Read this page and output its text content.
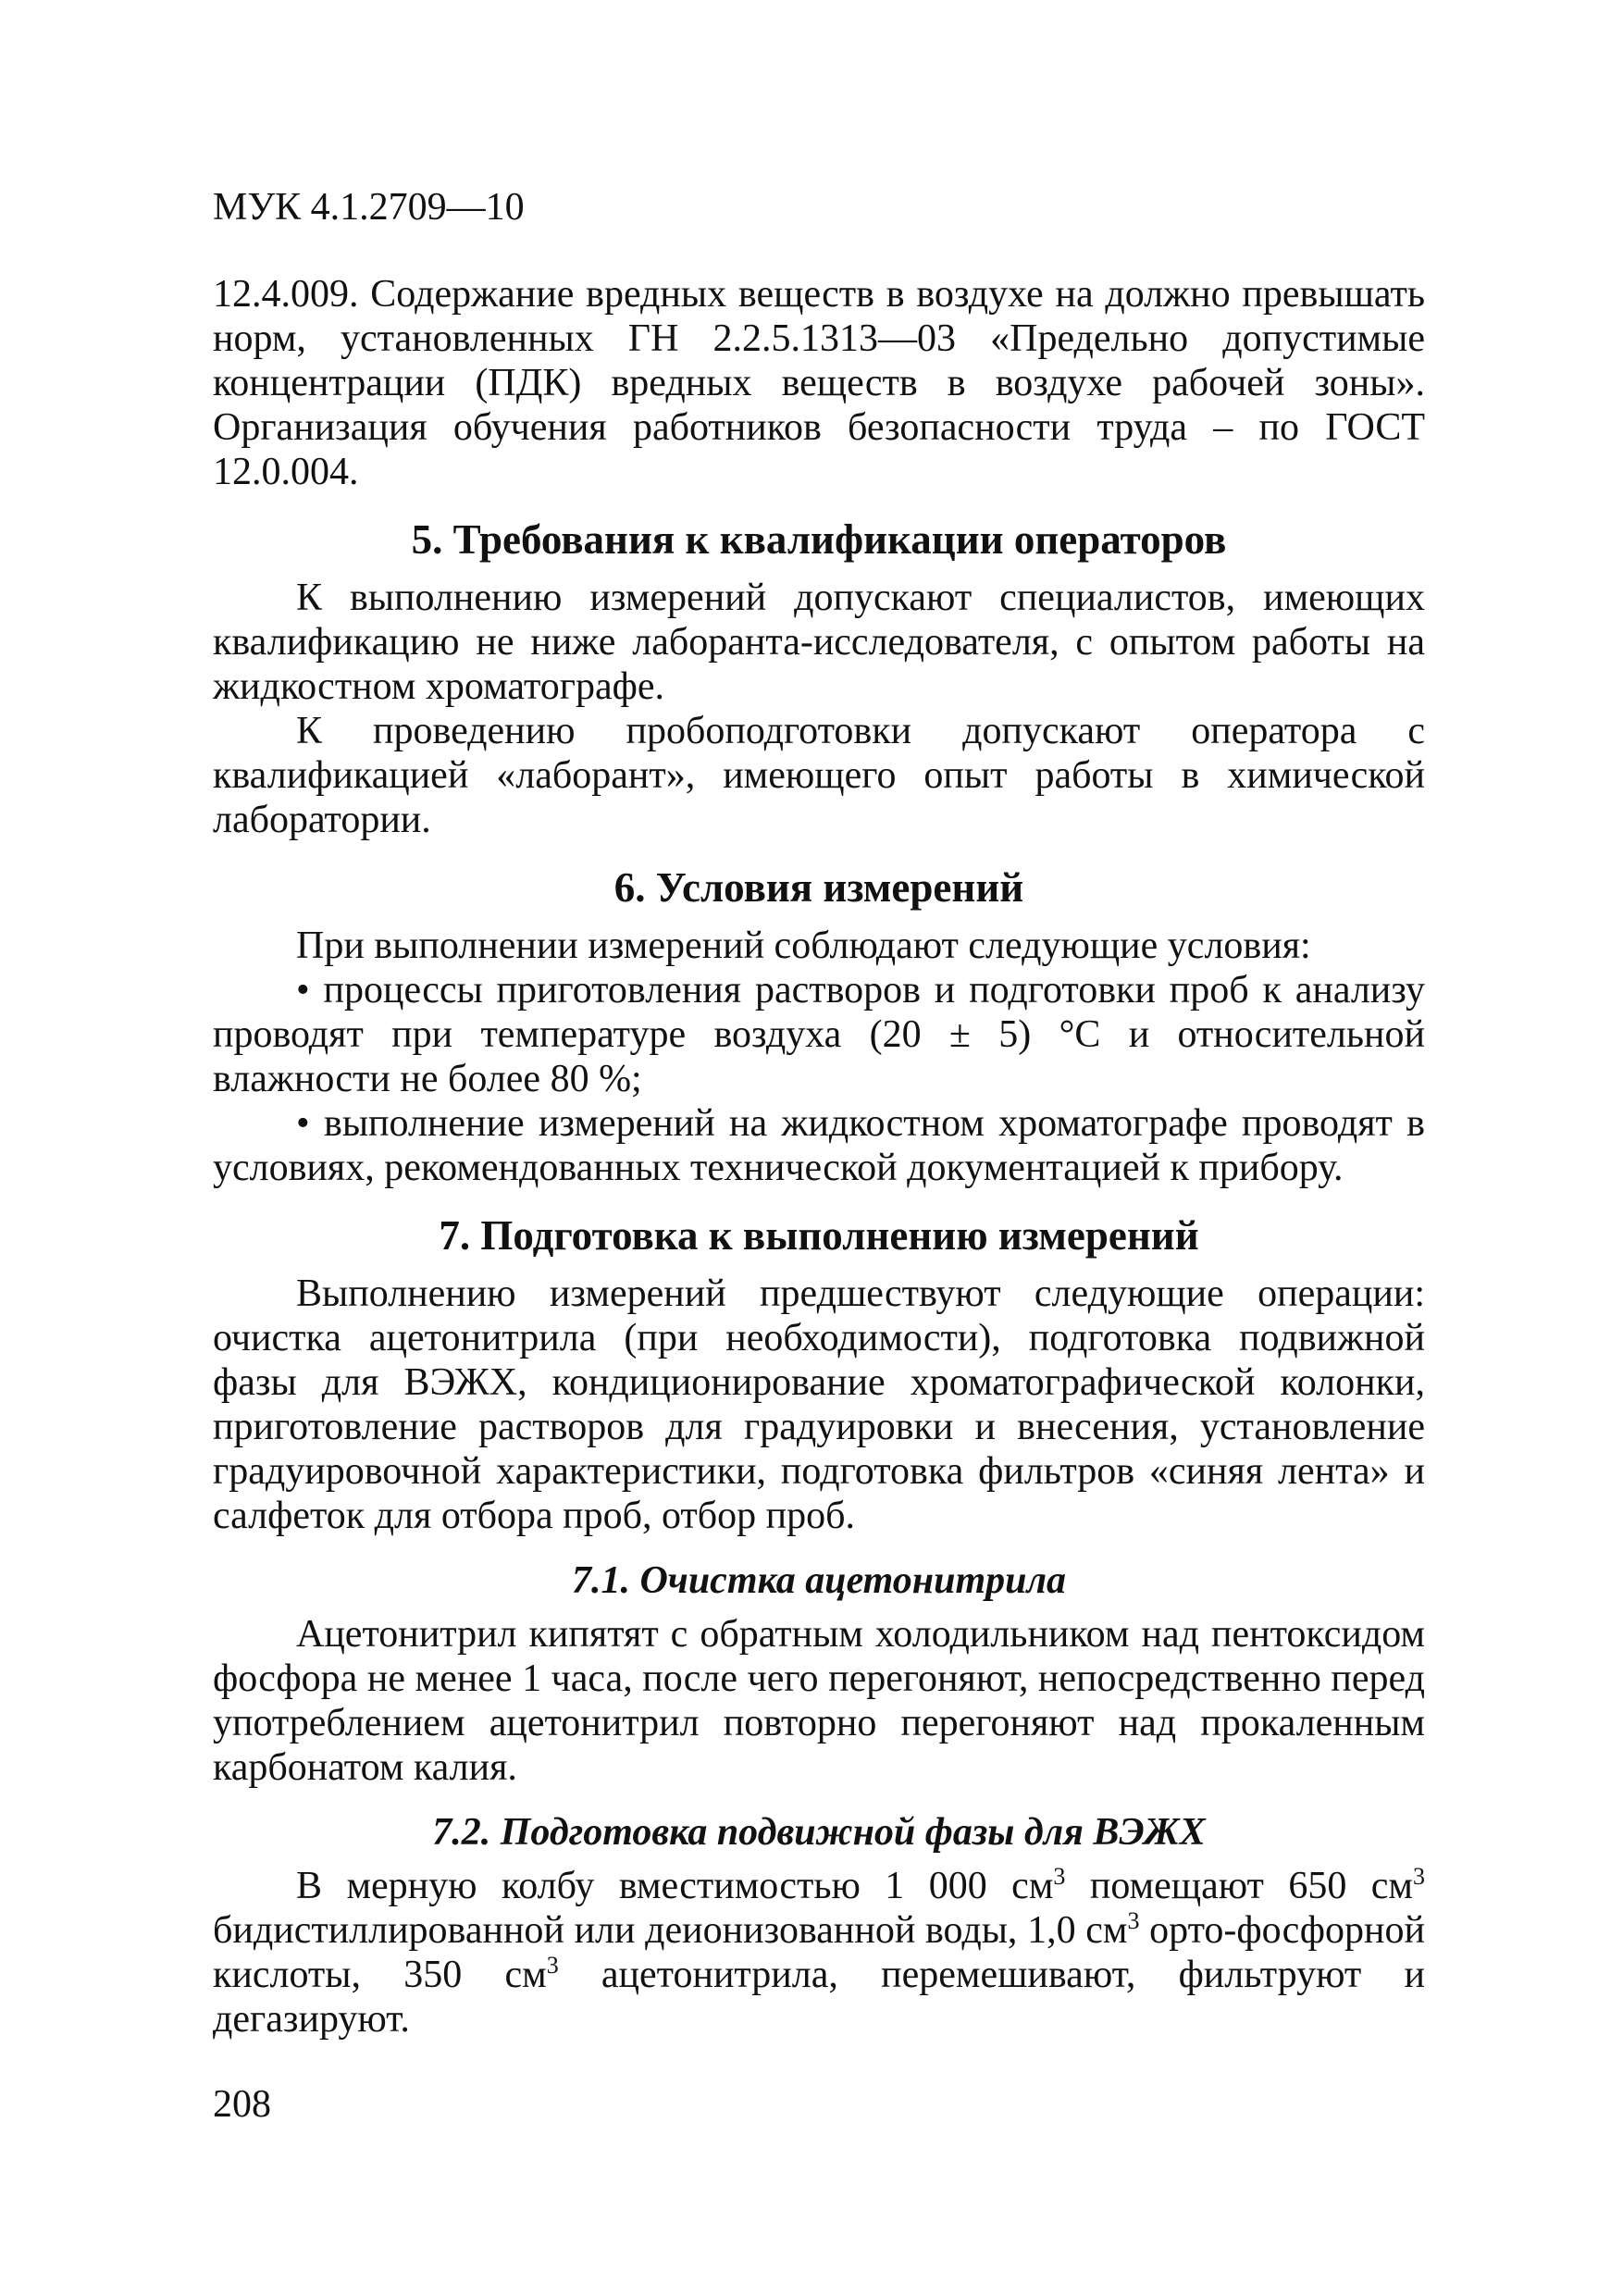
МУК 4.1.2709—10

12.4.009. Содержание вредных веществ в воздухе на должно превышать норм, установленных ГН 2.2.5.1313—03 «Предельно допустимые концентрации (ПДК) вредных веществ в воздухе рабочей зоны». Организация обучения работников безопасности труда – по ГОСТ 12.0.004.

5. Требования к квалификации операторов

К выполнению измерений допускают специалистов, имеющих квалификацию не ниже лаборанта-исследователя, с опытом работы на жидкостном хроматографе.

К проведению пробоподготовки допускают оператора с квалификацией «лаборант», имеющего опыт работы в химической лаборатории.

6. Условия измерений

При выполнении измерений соблюдают следующие условия:

• процессы приготовления растворов и подготовки проб к анализу проводят при температуре воздуха (20 ± 5) °С и относительной влажности не более 80 %;

• выполнение измерений на жидкостном хроматографе проводят в условиях, рекомендованных технической документацией к прибору.

7. Подготовка к выполнению измерений

Выполнению измерений предшествуют следующие операции: очистка ацетонитрила (при необходимости), подготовка подвижной фазы для ВЭЖХ, кондиционирование хроматографической колонки, приготовление растворов для градуировки и внесения, установление градуировочной характеристики, подготовка фильтров «синяя лента» и салфеток для отбора проб, отбор проб.

7.1. Очистка ацетонитрила

Ацетонитрил кипятят с обратным холодильником над пентоксидом фосфора не менее 1 часа, после чего перегоняют, непосредственно перед употреблением ацетонитрил повторно перегоняют над прокаленным карбонатом калия.

7.2. Подготовка подвижной фазы для ВЭЖХ

В мерную колбу вместимостью 1 000 $см^3$ помещают 650 $см^3$ бидистиллированной или деионизованной воды, 1,0 $см^3$ орто-фосфорной кислоты, 350 $см^3$ ацетонитрила, перемешивают, фильтруют и дегазируют.

208
